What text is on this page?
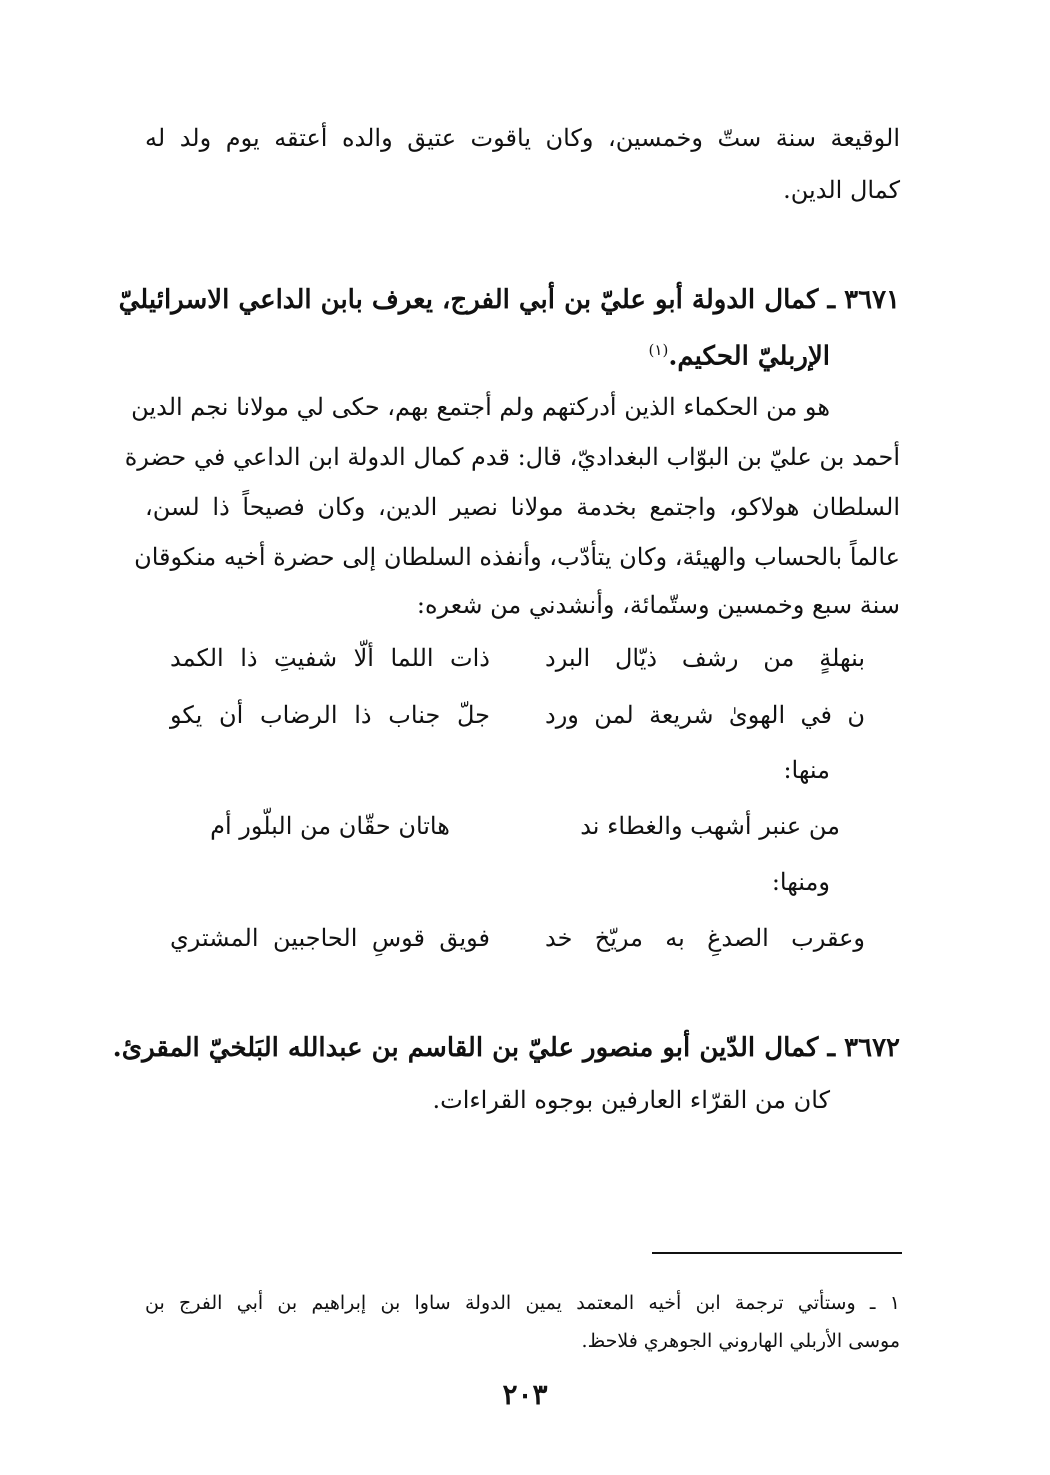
الوقيعة سنة ستّ وخمسين، وكان ياقوت عتيق والده أعتقه يوم ولد له
كمال الدين.
٣٦٧١ ـ كمال الدولة أبو عليّ بن أبي الفرج، يعرف بابن الداعي الاسرائيليّ
الإربليّ الحكيم.$^{(١)}$
هو من الحكماء الذين أدركتهم ولم أجتمع بهم، حكى لي مولانا نجم الدين
أحمد بن عليّ بن البوّاب البغداديّ، قال: قدم كمال الدولة ابن الداعي في حضرة
السلطان هولاكو، واجتمع بخدمة مولانا نصير الدين، وكان فصيحاً ذا لسن،
عالماً بالحساب والهيئة، وكان يتأدّب، وأنفذه السلطان إلى حضرة أخيه منكوقان
سنة سبع وخمسين وستّمائة، وأنشدني من شعره:
ذات اللما ألّا شفيتِ ذا الكمد بنهلةٍ من رشف ذيّال البرد
جلّ جناب ذا الرضاب أن يكو ن في الهوىٰ شريعة لمن ورد
منها:
هاتان حقّان من البلّور أم	من عنبر أشهب والغطاء ند
ومنها:
فويق قوسِ الحاجبين المشتري وعقرب الصدغِ به مريّخ خد
٣٦٧٢ ـ كمال الدّين أبو منصور عليّ بن القاسم بن عبدالله البَلخيّ المقرئ.
كان من القرّاء العارفين بوجوه القراءات.
١ ـ وستأتي ترجمة ابن أخيه المعتمد يمين الدولة ساوا بن إبراهيم بن أبي الفرج بن
موسى الأربلي الهاروني الجوهري فلاحظ.
٢٠٣
